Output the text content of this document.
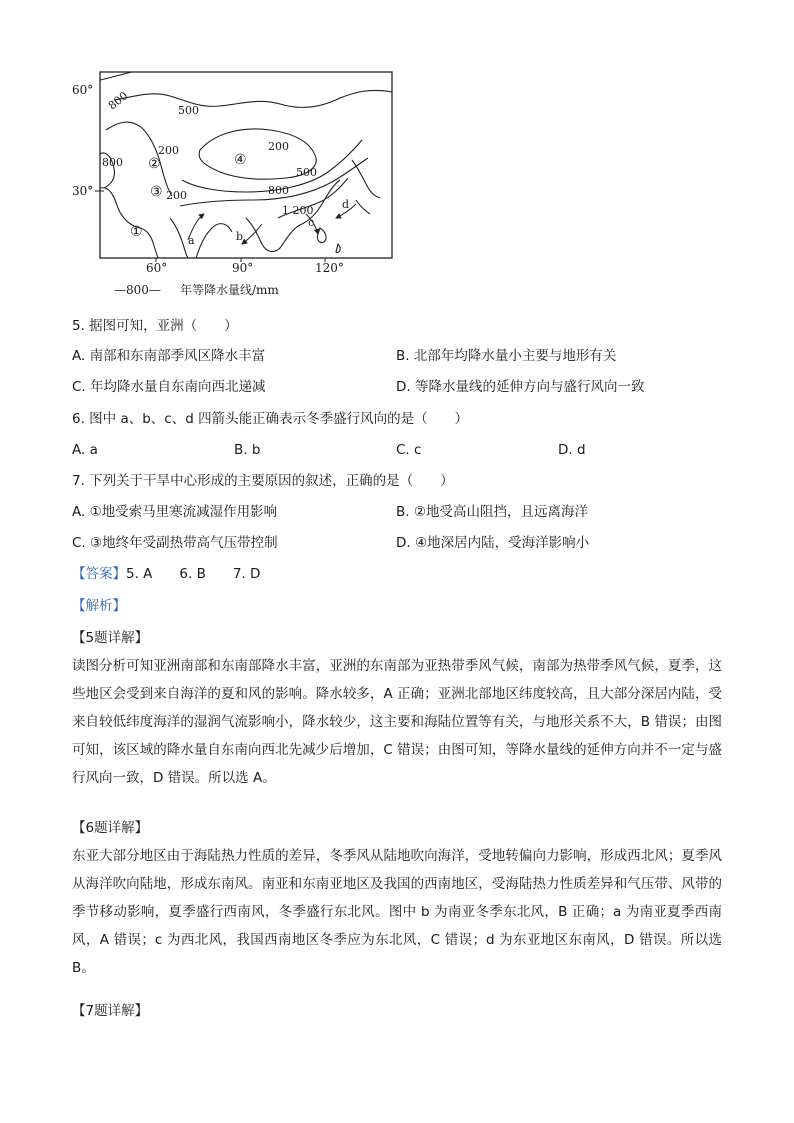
60°
30°
60°	90°	120°
800	500
200	200
800
200
500
800
1 200
①
②
③
④
a	b
c
d
—800— 年等降水量线/mm
5. 据图可知，亚洲（　　）
A. 南部和东南部季风区降水丰富	B. 北部年均降水量小主要与地形有关
C. 年均降水量自东南向西北递减	D. 等降水量线的延伸方向与盛行风向一致
6. 图中 a、b、c、d 四箭头能正确表示冬季盛行风向的是（　　）
A. a	B. b	C. c	D. d
7. 下列关于干旱中心形成的主要原因的叙述，正确的是（　　）
A. ①地受索马里寒流减湿作用影响	B. ②地受高山阻挡，且远离海洋
C. ③地终年受副热带高气压带控制	D. ④地深居内陆，受海洋影响小
【答案】5. A　　6. B　　7. D
【解析】
【5题详解】
读图分析可知亚洲南部和东南部降水丰富，亚洲的东南部为亚热带季风气候，南部为热带季风气候，夏季，这些地区会受到来自海洋的夏和风的影响。降水较多，A 正确；亚洲北部地区纬度较高，且大部分深居内陆，受来自较低纬度海洋的湿润气流影响小，降水较少，这主要和海陆位置等有关，与地形关系不大，B 错误；由图可知，该区域的降水量自东南向西北先减少后增加，C 错误；由图可知，等降水量线的延伸方向并不一定与盛行风向一致，D 错误。所以选 A。
【6题详解】
东亚大部分地区由于海陆热力性质的差异，冬季风从陆地吹向海洋，受地转偏向力影响，形成西北风；夏季风从海洋吹向陆地，形成东南风。南亚和东南亚地区及我国的西南地区，受海陆热力性质差异和气压带、风带的季节移动影响，夏季盛行西南风，冬季盛行东北风。图中 b 为南亚冬季东北风，B 正确；a 为南亚夏季西南风，A 错误；c 为西北风，我国西南地区冬季应为东北风，C 错误；d 为东亚地区东南风，D 错误。所以选 B。
【7题详解】
